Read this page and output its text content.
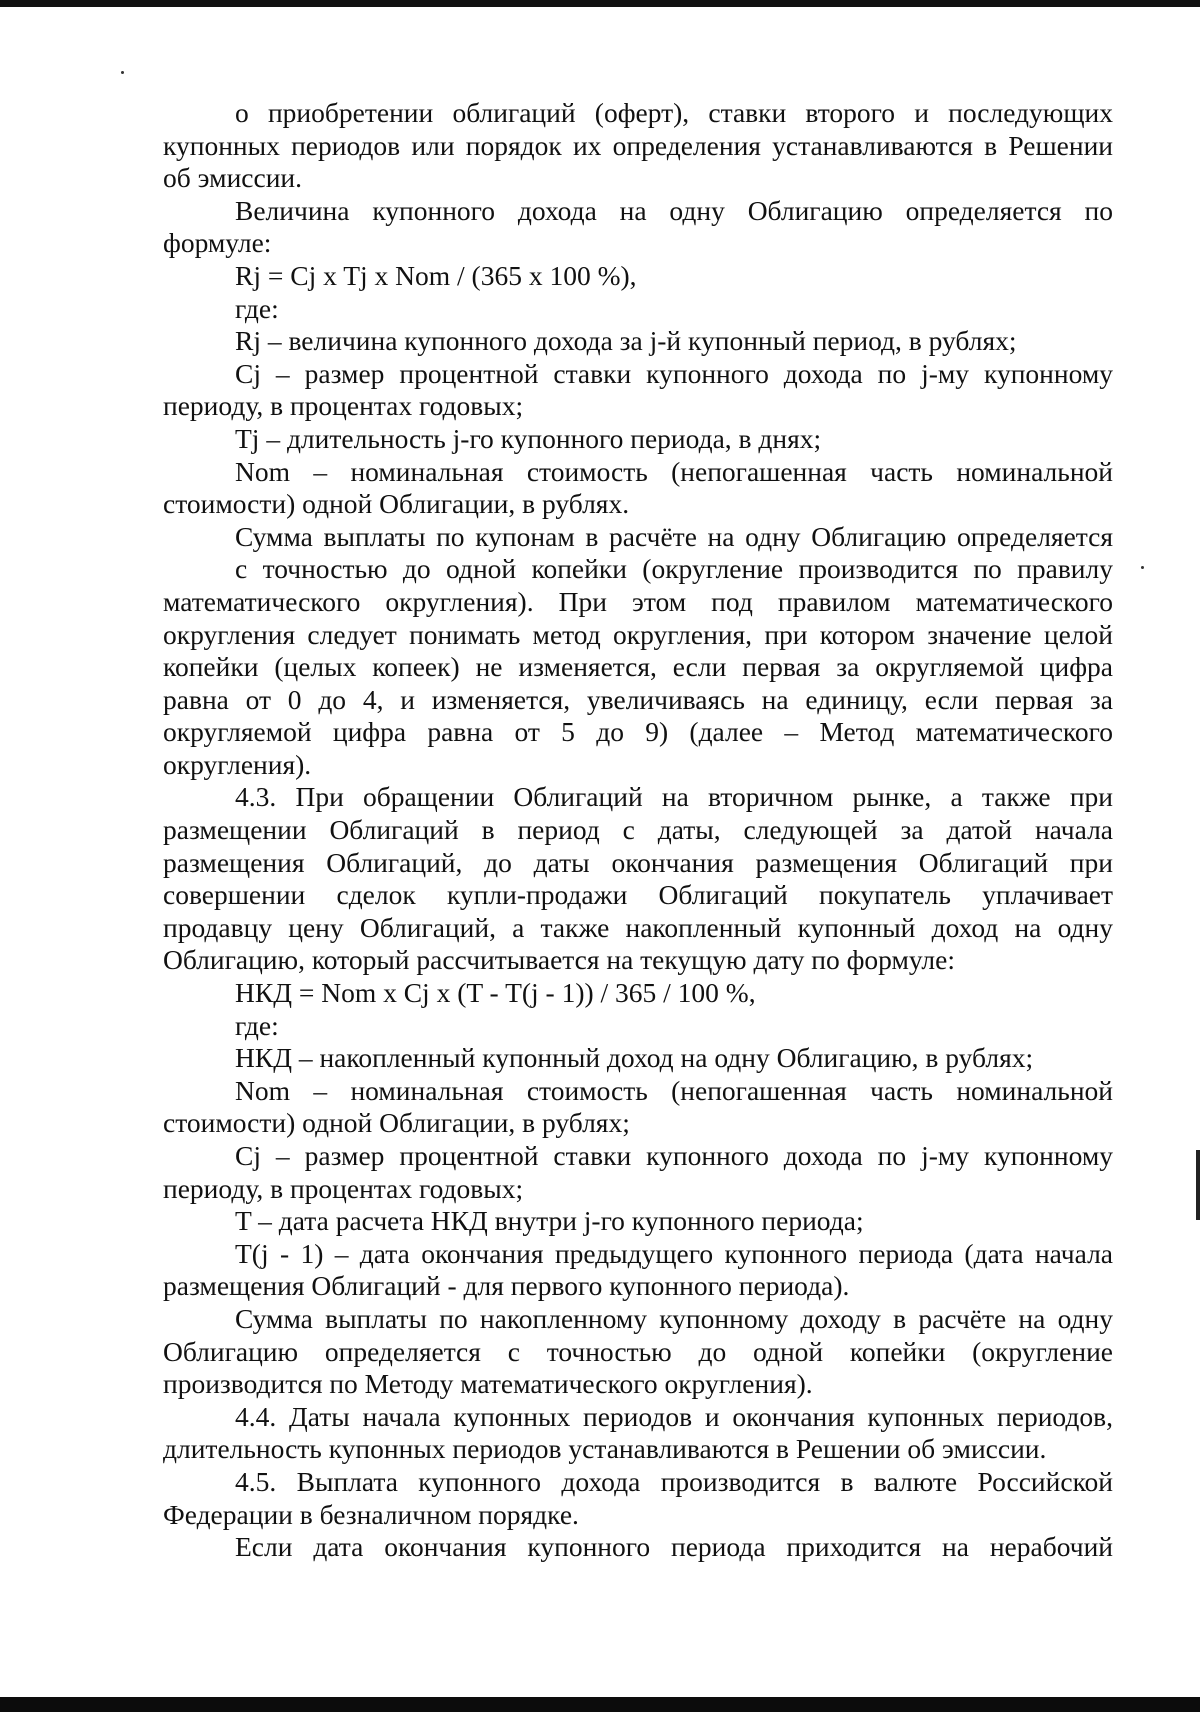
о приобретении облигаций (оферт), ставки второго и последующих

купонных периодов или порядок их определения устанавливаются в Решении

об эмиссии.

Величина купонного дохода на одну Облигацию определяется по

формуле:

Rj = Cj x Tj x Nom / (365 x 100 %),

где:

Rj – величина купонного дохода за j-й купонный период, в рублях;

Cj – размер процентной ставки купонного дохода по j-му купонному

периоду, в процентах годовых;

Tj – длительность j-го купонного периода, в днях;

Nom – номинальная стоимость (непогашенная часть номинальной

стоимости) одной Облигации, в рублях.

Сумма выплаты по купонам в расчёте на одну Облигацию определяется

с точностью до одной копейки (округление производится по правилу

математического округления). При этом под правилом математического

округления следует понимать метод округления, при котором значение целой

копейки (целых копеек) не изменяется, если первая за округляемой цифра

равна от 0 до 4, и изменяется, увеличиваясь на единицу, если первая за

округляемой цифра равна от 5 до 9) (далее – Метод математического

округления).

4.3. При обращении Облигаций на вторичном рынке, а также при

размещении Облигаций в период с даты, следующей за датой начала

размещения Облигаций, до даты окончания размещения Облигаций при

совершении сделок купли-продажи Облигаций покупатель уплачивает

продавцу цену Облигаций, а также накопленный купонный доход на одну

Облигацию, который рассчитывается на текущую дату по формуле:

НКД = Nom x Cj x (T - T(j - 1)) / 365 / 100 %,

где:

НКД – накопленный купонный доход на одну Облигацию, в рублях;

Nom – номинальная стоимость (непогашенная часть номинальной

стоимости) одной Облигации, в рублях;

Cj – размер процентной ставки купонного дохода по j-му купонному

периоду, в процентах годовых;

T – дата расчета НКД внутри j-го купонного периода;

T(j - 1) – дата окончания предыдущего купонного периода (дата начала

размещения Облигаций - для первого купонного периода).

Сумма выплаты по накопленному купонному доходу в расчёте на одну

Облигацию определяется с точностью до одной копейки (округление

производится по Методу математического округления).

4.4. Даты начала купонных периодов и окончания купонных периодов,

длительность купонных периодов устанавливаются в Решении об эмиссии.

4.5. Выплата купонного дохода производится в валюте Российской

Федерации в безналичном порядке.

Если дата окончания купонного периода приходится на нерабочий
